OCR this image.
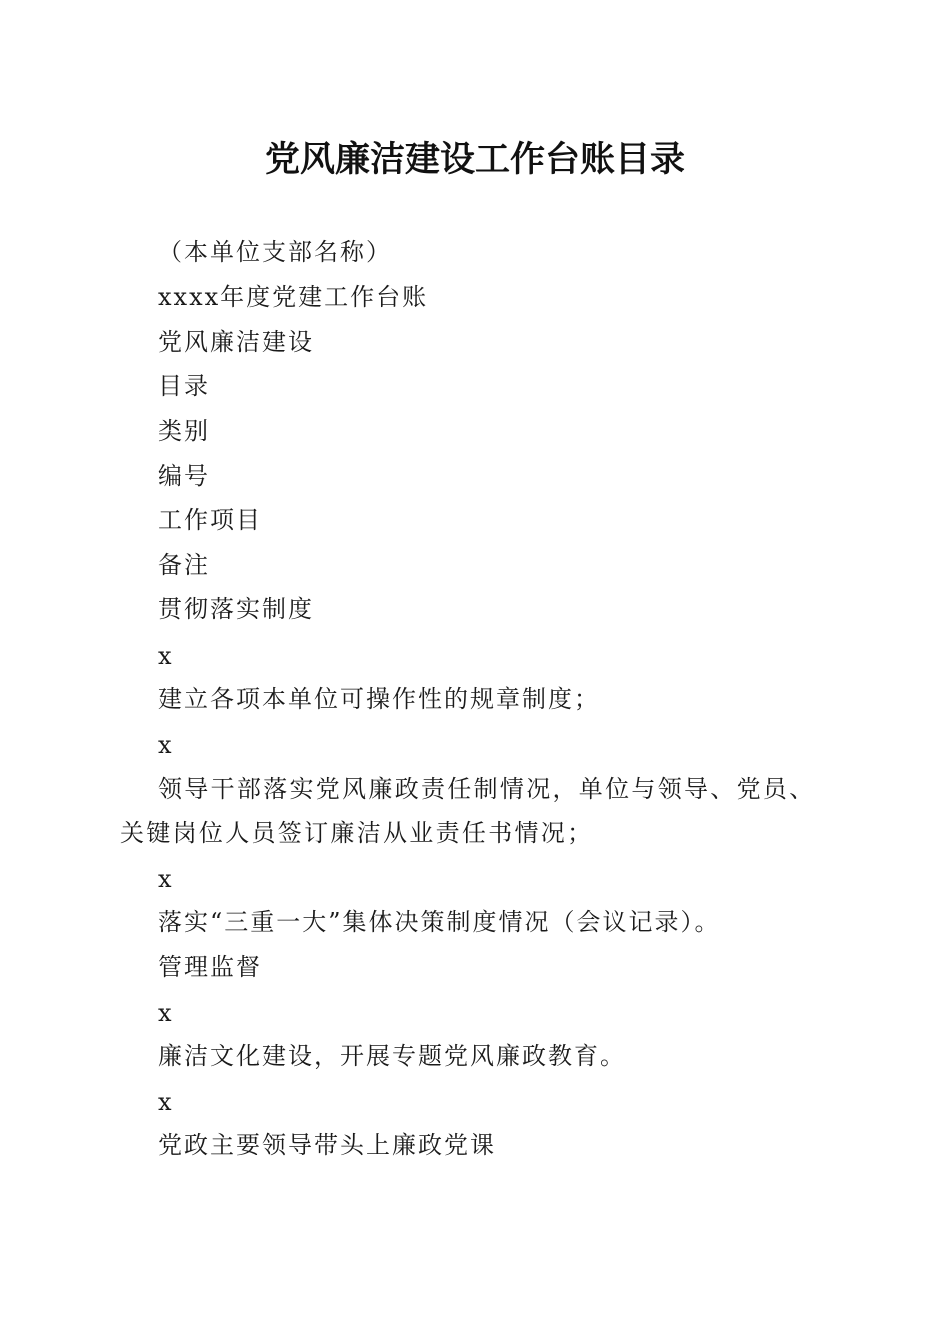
党风廉洁建设工作台账目录
（本单位支部名称）
xxxx年度党建工作台账
党风廉洁建设
目录
类别
编号
工作项目
备注
贯彻落实制度
x
建立各项本单位可操作性的规章制度；
x
领导干部落实党风廉政责任制情况，单位与领导、党员、关键岗位人员签订廉洁从业责任书情况；
x
落实“三重一大”集体决策制度情况（会议记录）。
管理监督
x
廉洁文化建设，开展专题党风廉政教育。
x
党政主要领导带头上廉政党课
